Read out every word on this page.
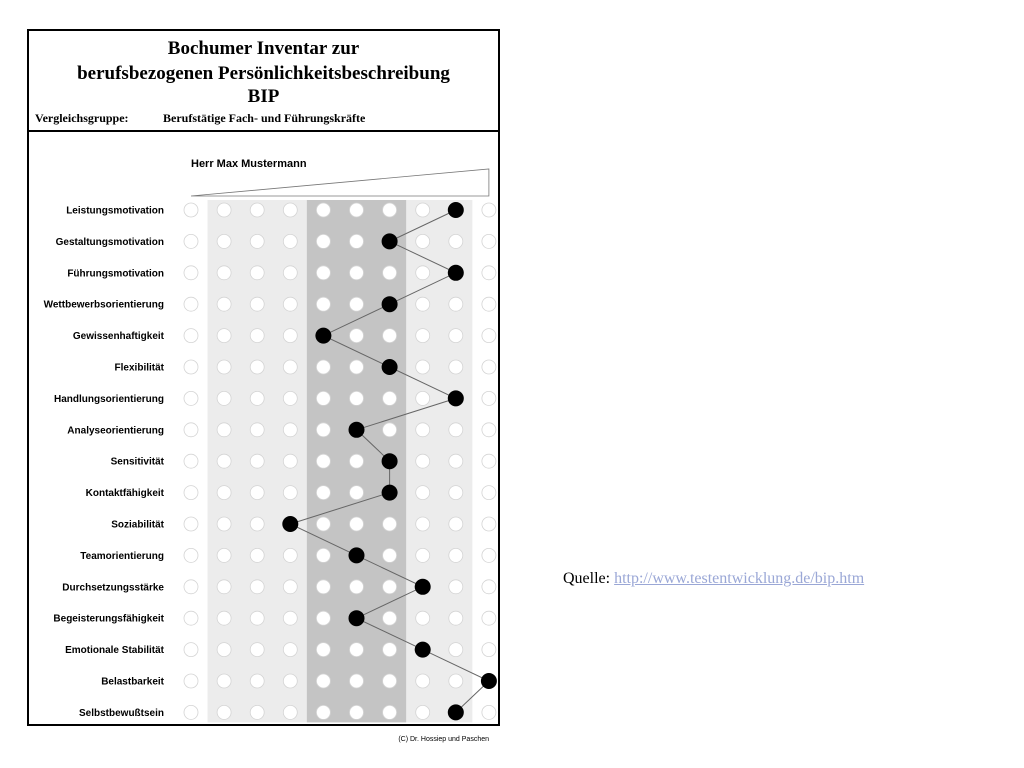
Bochumer Inventar zur
berufsbezogenen Persönlichkeitsbeschreibung
BIP
Vergleichsgruppe:	Berufstätige Fach- und Führungskräfte
Leistungsmotivation
Gestaltungsmotivation
Führungsmotivation
Wettbewerbsorientierung
Gewissenhaftigkeit
Flexibilität
Handlungsorientierung
Analyseorientierung
Sensitivität
Kontaktfähigkeit
Soziabilität
Teamorientierung
Durchsetzungsstärke
Begeisterungsfähigkeit
Emotionale Stabilität
Belastbarkeit
Selbstbewußtsein
Herr Max Mustermann
(C) Dr. Hossiep und Paschen
Quelle: http://www.testentwicklung.de/bip.htm
